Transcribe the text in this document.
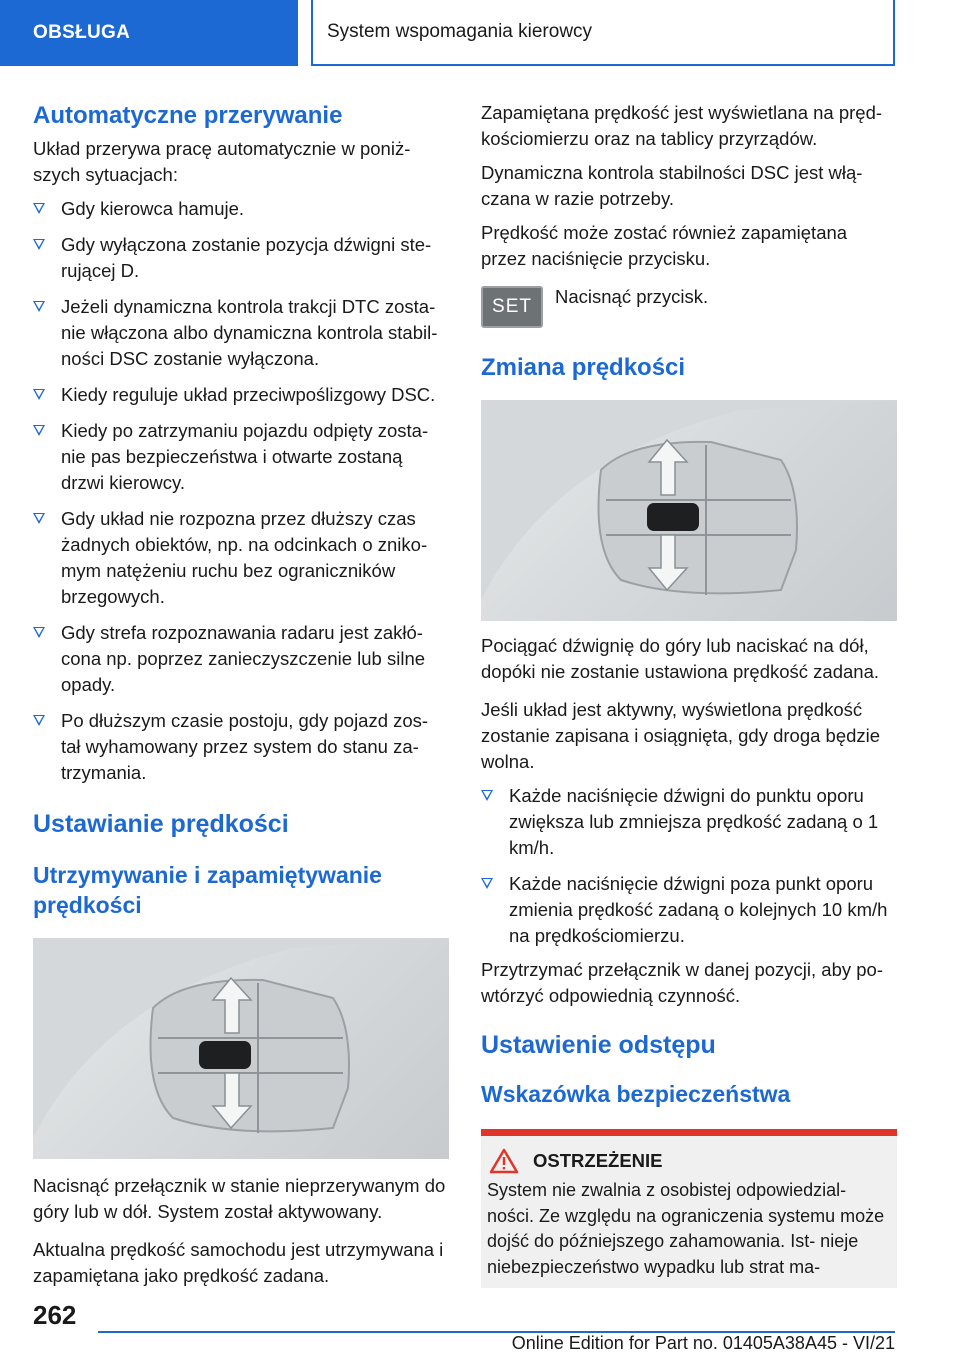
OBSŁUGA	System wspomagania kierowcy
Automatyczne przerywanie

Układ przerywa pracę automatycznie w poniż‐ szych sytuacjach:

Gdy kierowca hamuje.
Gdy wyłączona zostanie pozycja dźwigni ste‐ rującej D.
Jeżeli dynamiczna kontrola trakcji DTC zosta‐ nie włączona albo dynamiczna kontrola stabil‐ ności DSC zostanie wyłączona.
Kiedy reguluje układ przeciwpoślizgowy DSC.
Kiedy po zatrzymaniu pojazdu odpięty zosta‐ nie pas bezpieczeństwa i otwarte zostaną drzwi kierowcy.
Gdy układ nie rozpozna przez dłuższy czas żadnych obiektów, np. na odcinkach o zniko‐ mym natężeniu ruchu bez ograniczników brzegowych.
Gdy strefa rozpoznawania radaru jest zakłó‐ cona np. poprzez zanieczyszczenie lub silne opady.
Po dłuższym czasie postoju, gdy pojazd zos‐ tał wyhamowany przez system do stanu za‐ trzymania.
Ustawianie prędkości
Utrzymywanie i zapamiętywanie prędkości

Nacisnąć przełącznik w stanie nieprzerywanym do góry lub w dół. System został aktywowany.

Aktualna prędkość samochodu jest utrzymywana i zapamiętana jako prędkość zadana.

Zapamiętana prędkość jest wyświetlana na pręd‐ kościomierzu oraz na tablicy przyrządów.

Dynamiczna kontrola stabilności DSC jest włą‐ czana w razie potrzeby.

Prędkość może zostać również zapamiętana przez naciśnięcie przycisku.

SET	Nacisnąć przycisk.

Zmiana prędkości

Pociągać dźwignię do góry lub naciskać na dół, dopóki nie zostanie ustawiona prędkość zadana.

Jeśli układ jest aktywny, wyświetlona prędkość zostanie zapisana i osiągnięta, gdy droga będzie wolna.

Każde naciśnięcie dźwigni do punktu oporu zwiększa lub zmniejsza prędkość zadaną o 1 km/h.
Każde naciśnięcie dźwigni poza punkt oporu zmienia prędkość zadaną o kolejnych 10 km/h na prędkościomierzu.

Przytrzymać przełącznik w danej pozycji, aby po‐ wtórzyć odpowiednią czynność.

Ustawienie odstępu
Wskazówka bezpieczeństwa
OSTRZEŻENIE

System nie zwalnia z osobistej odpowiedzial‐ ności. Ze względu na ograniczenia systemu może dojść do późniejszego zahamowania. Ist‐ nieje niebezpieczeństwo wypadku lub strat ma‐

262
Online Edition for Part no. 01405A38A45 - VI/21
